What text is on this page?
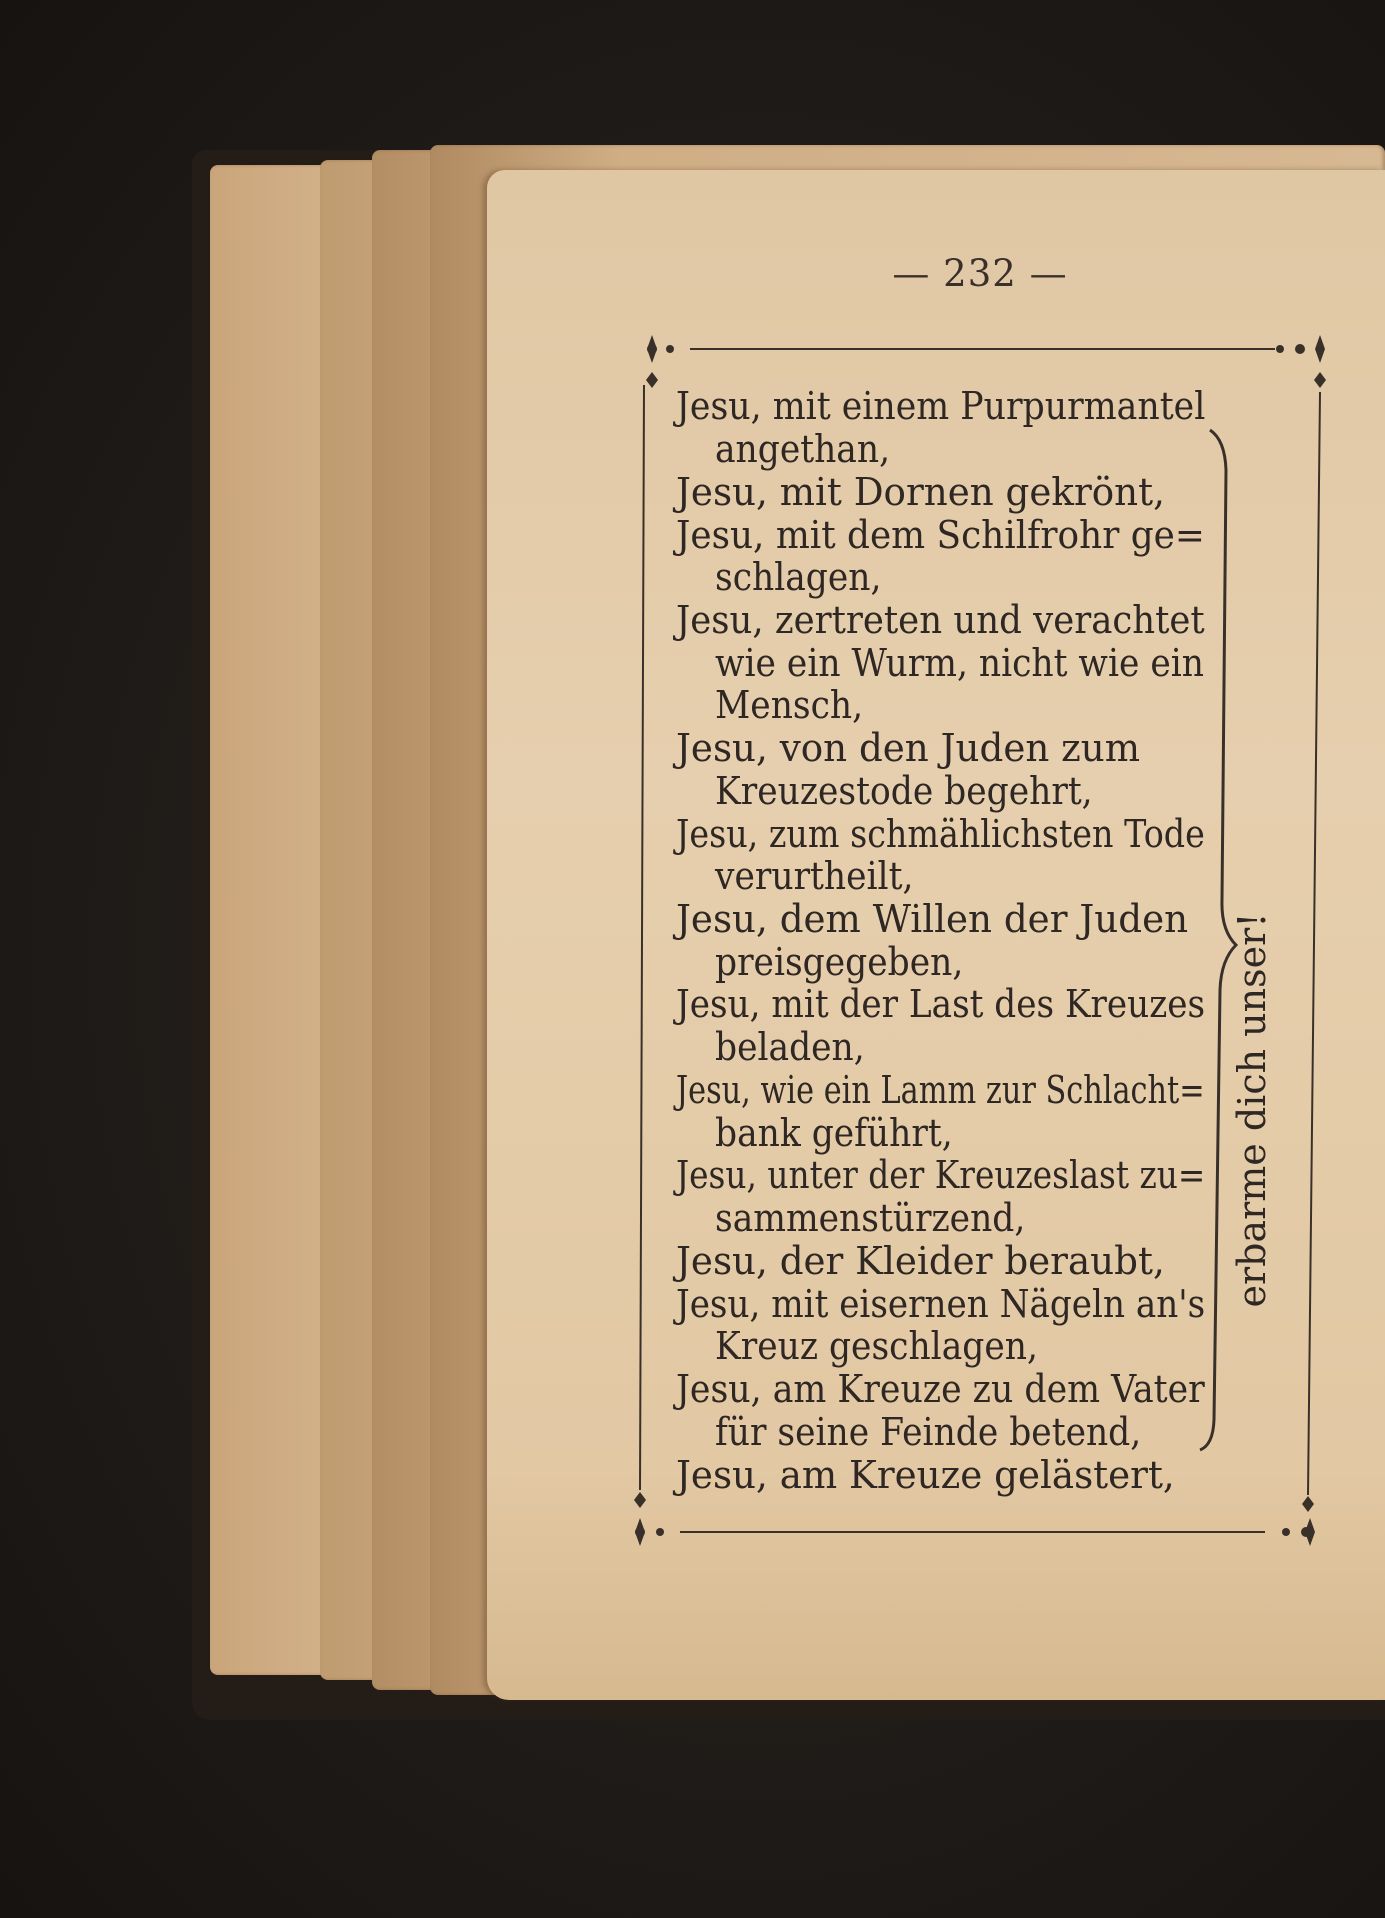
— 232 —
Jesu, mit einem Purpurmantel
angethan,
Jesu, mit Dornen gekrönt,
Jesu, mit dem Schilfrohr ge=
schlagen,
Jesu, zertreten und verachtet
wie ein Wurm, nicht wie ein
Mensch,
Jesu, von den Juden zum
Kreuzestode begehrt,
Jesu, zum schmählichsten Tode
verurtheilt,
Jesu, dem Willen der Juden
preisgegeben,
Jesu, mit der Last des Kreuzes
beladen,
Jesu, wie ein Lamm zur Schlacht=
bank geführt,
Jesu, unter der Kreuzeslast zu=
sammenstürzend,
Jesu, der Kleider beraubt,
Jesu, mit eisernen Nägeln an's
Kreuz geschlagen,
Jesu, am Kreuze zu dem Vater
für seine Feinde betend,
Jesu, am Kreuze gelästert,
erbarme dich unser!
